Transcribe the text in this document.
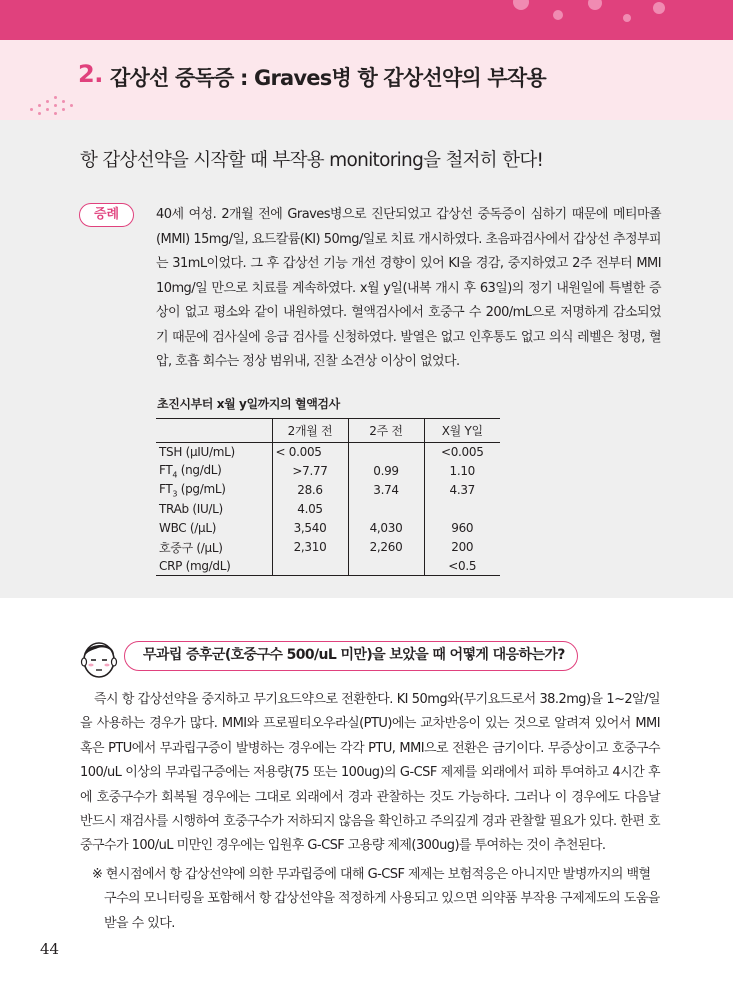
2. 갑상선 중독증 : Graves병 항 갑상선약의 부작용
항 갑상선약을 시작할 때 부작용 monitoring을 철저히 한다!
증례	40세 여성. 2개월 전에 Graves병으로 진단되었고 갑상선 중독증이 심하기 때문에 메티마졸(MMI) 15mg/일, 요드칼륨(KI) 50mg/일로 치료 개시하였다. 초음파검사에서 갑상선 추정부피는 31mL이었다. 그 후 갑상선 기능 개선 경향이 있어 KI을 경감, 중지하였고 2주 전부터 MMI 10mg/일 만으로 치료를 계속하였다. x월 y일(내복 개시 후 63일)의 정기 내원일에 특별한 증상이 없고 평소와 같이 내원하였다. 혈액검사에서 호중구 수 200/mL으로 저명하게 감소되었기 때문에 검사실에 응급 검사를 신청하였다. 발열은 없고 인후통도 없고 의식 레벨은 청명, 혈압, 호흡 회수는 정상 범위내, 진찰 소견상 이상이 없었다.
초진시부터 x월 y일까지의 혈액검사
	2개월 전	2주 전	X월 Y일
TSH (μIU/mL)	< 0.005		<0.005
$FT_4$ (ng/dL)	>7.77	0.99	1.10
$FT_3$ (pg/mL)	28.6	3.74	4.37
TRAb (IU/L)	4.05		
WBC (/μL)	3,540	4,030	960
호중구 (/μL)	2,310	2,260	200
CRP (mg/dL)			<0.5
무과립 증후군(호중구수 500/uL 미만)을 보았을 때 어떻게 대응하는가?
즉시 항 갑상선약을 중지하고 무기요드약으로 전환한다. KI 50mg와(무기요드로서 38.2mg)을 1~2알/일을 사용하는 경우가 많다. MMI와 프로필티오우라실(PTU)에는 교차반응이 있는 것으로 알려져 있어서 MMI 혹은 PTU에서 무과립구증이 발병하는 경우에는 각각 PTU, MMI으로 전환은 금기이다. 무증상이고 호중구수 100/uL 이상의 무과립구증에는 저용량(75 또는 100ug)의 G-CSF 제제를 외래에서 피하 투여하고 4시간 후에 호중구수가 회복될 경우에는 그대로 외래에서 경과 관찰하는 것도 가능하다. 그러나 이 경우에도 다음날 반드시 재검사를 시행하여 호중구수가 저하되지 않음을 확인하고 주의깊게 경과 관찰할 필요가 있다. 한편 호중구수가 100/uL 미만인 경우에는 입원후 G-CSF 고용량 제제(300ug)를 투여하는 것이 추천된다.
※ 현시점에서 항 갑상선약에 의한 무과립증에 대해 G-CSF 제제는 보험적응은 아니지만 발병까지의 백혈구수의 모니터링을 포함해서 항 갑상선약을 적정하게 사용되고 있으면 의약품 부작용 구제제도의 도움을 받을 수 있다.
44
